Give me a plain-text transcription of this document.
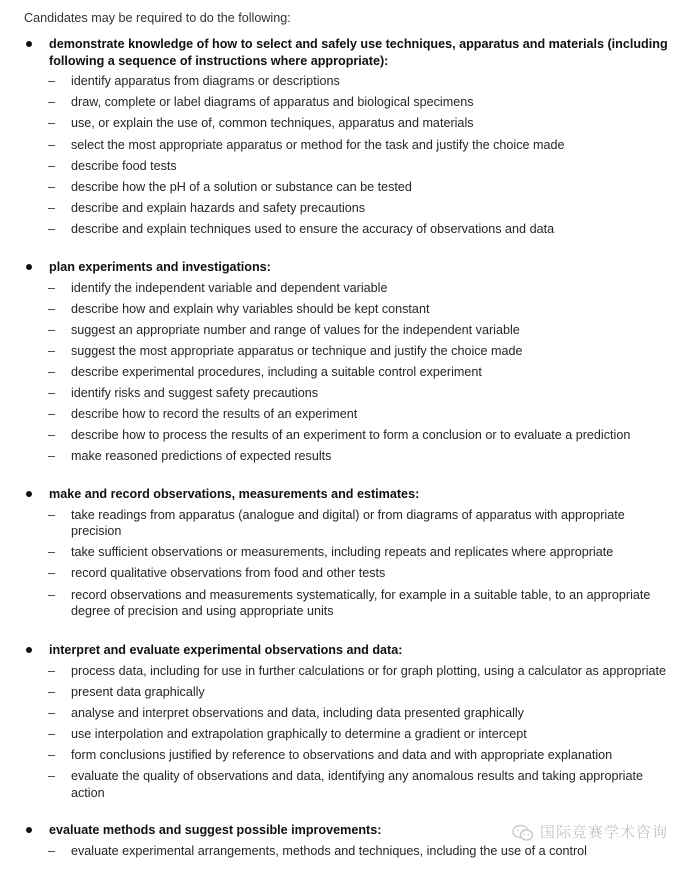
Candidates may be required to do the following:
demonstrate knowledge of how to select and safely use techniques, apparatus and materials (including following a sequence of instructions where appropriate):
– identify apparatus from diagrams or descriptions
– draw, complete or label diagrams of apparatus and biological specimens
– use, or explain the use of, common techniques, apparatus and materials
– select the most appropriate apparatus or method for the task and justify the choice made
– describe food tests
– describe how the pH of a solution or substance can be tested
– describe and explain hazards and safety precautions
– describe and explain techniques used to ensure the accuracy of observations and data
plan experiments and investigations:
– identify the independent variable and dependent variable
– describe how and explain why variables should be kept constant
– suggest an appropriate number and range of values for the independent variable
– suggest the most appropriate apparatus or technique and justify the choice made
– describe experimental procedures, including a suitable control experiment
– identify risks and suggest safety precautions
– describe how to record the results of an experiment
– describe how to process the results of an experiment to form a conclusion or to evaluate a prediction
– make reasoned predictions of expected results
make and record observations, measurements and estimates:
– take readings from apparatus (analogue and digital) or from diagrams of apparatus with appropriate precision
– take sufficient observations or measurements, including repeats and replicates where appropriate
– record qualitative observations from food and other tests
– record observations and measurements systematically, for example in a suitable table, to an appropriate degree of precision and using appropriate units
interpret and evaluate experimental observations and data:
– process data, including for use in further calculations or for graph plotting, using a calculator as appropriate
– present data graphically
– analyse and interpret observations and data, including data presented graphically
– use interpolation and extrapolation graphically to determine a gradient or intercept
– form conclusions justified by reference to observations and data and with appropriate explanation
– evaluate the quality of observations and data, identifying any anomalous results and taking appropriate action
evaluate methods and suggest possible improvements:
– evaluate experimental arrangements, methods and techniques, including the use of a control
国际竞赛学术咨询
